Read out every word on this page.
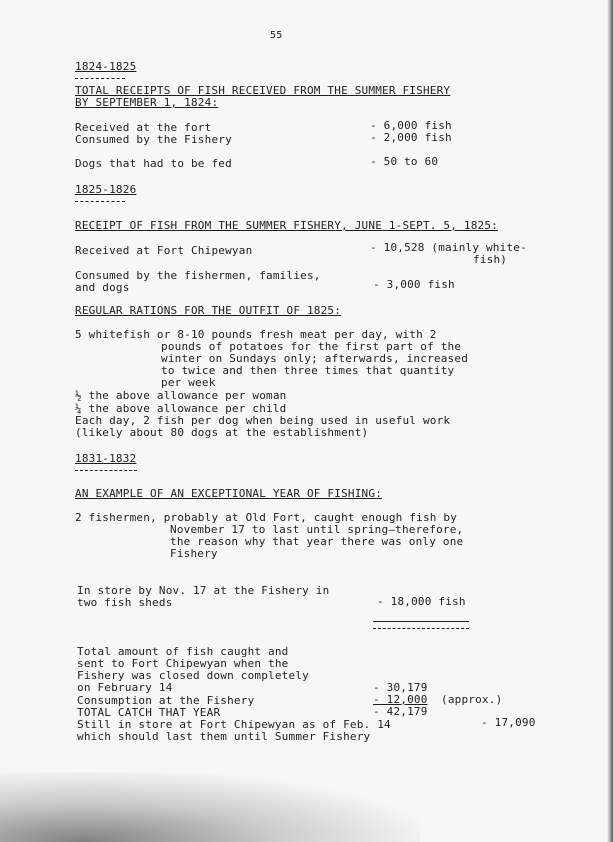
55
1824-1825
TOTAL RECEIPTS OF FISH RECEIVED FROM THE SUMMER FISHERY
BY SEPTEMBER 1, 1824:
Received at the fort	- 6,000 fish
Consumed by the Fishery	- 2,000 fish
Dogs that had to be fed	- 50 to 60
1825-1826
RECEIPT OF FISH FROM THE SUMMER FISHERY, JUNE 1-SEPT. 5, 1825:
Received at Fort Chipewyan	- 10,528 (mainly white-
fish)
Consumed by the fishermen, families,
and dogs	- 3,000 fish
REGULAR RATIONS FOR THE OUTFIT OF 1825:
5 whitefish or 8-10 pounds fresh meat per day, with 2
pounds of potatoes for the first part of the
winter on Sundays only; afterwards, increased
to twice and then three times that quantity
per week
½ the above allowance per woman
¼ the above allowance per child
Each day, 2 fish per dog when being used in useful work
(likely about 80 dogs at the establishment)
1831-1832
AN EXAMPLE OF AN EXCEPTIONAL YEAR OF FISHING:
2 fishermen, probably at Old Fort, caught enough fish by
November 17 to last until spring—therefore,
the reason why that year there was only one
Fishery
In store by Nov. 17 at the Fishery in
two fish sheds	- 18,000 fish
Total amount of fish caught and
sent to Fort Chipewyan when the
Fishery was closed down completely
on February 14	- 30,179
Consumption at the Fishery	- 12,000 (approx.)
TOTAL CATCH THAT YEAR	- 42,179
Still in store at Fort Chipewyan as of Feb. 14	- 17,090
which should last them until Summer Fishery
